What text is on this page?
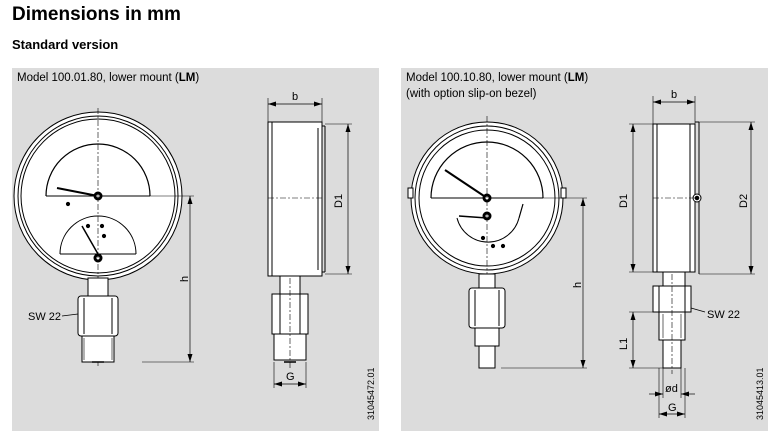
Dimensions in mm
Standard version
Model 100.01.80, lower mount (LM)
b
D1
h
SW 22
G	31045472.01
Model 100.10.80, lower mount (LM)
(with option slip-on bezel)	b
D1	D2
h
SW 22
L1
ød
G	31045413.01
